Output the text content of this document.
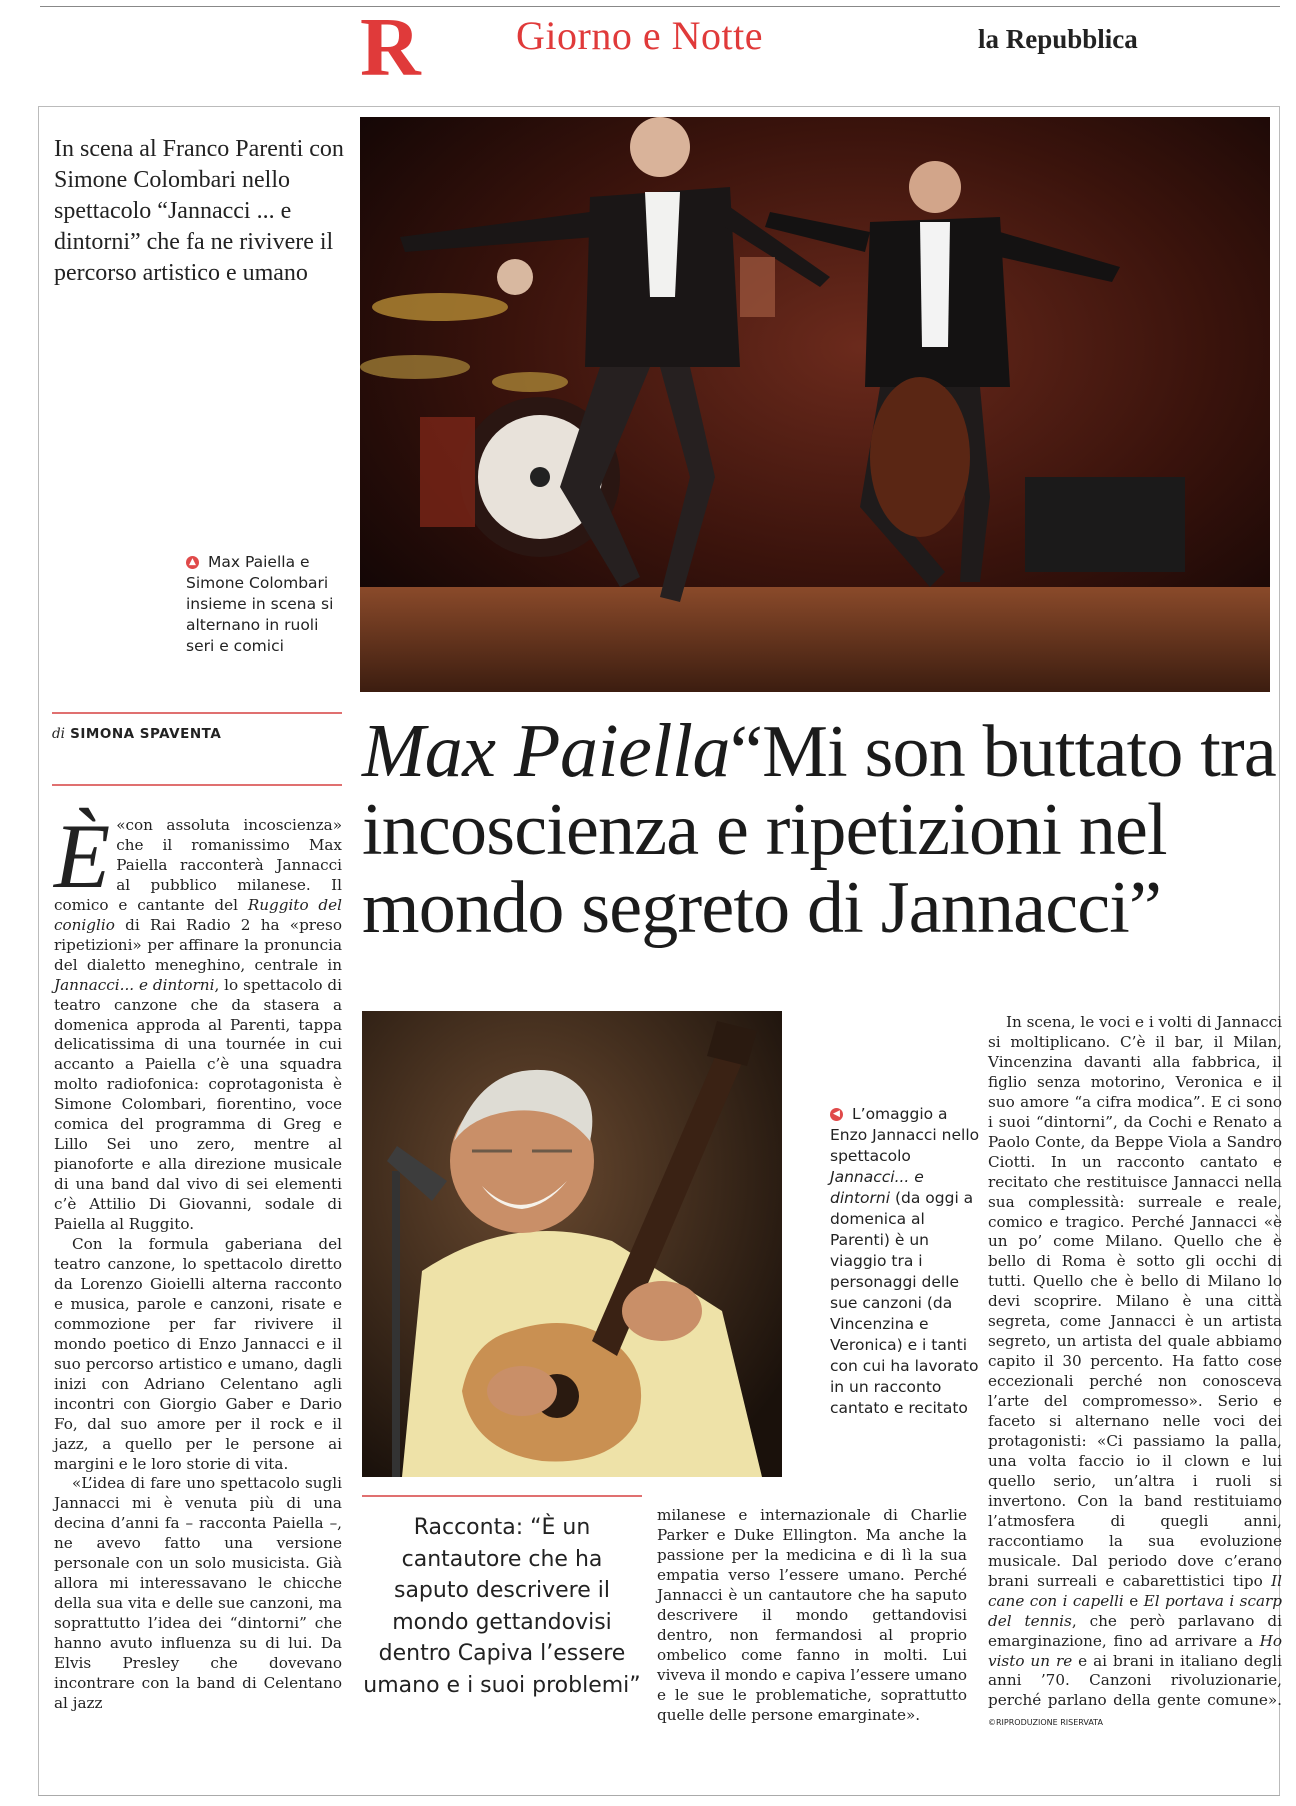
R Giorno e Notte	la Repubblica
In scena al Franco Parenti con Simone Colombari nello spettacolo “Jannacci ... e dintorni” che fa ne rivivere il percorso artistico e umano
▲ Max Paiella e Simone Colombari insieme in scena si alternano in ruoli seri e comici
di SIMONA SPAVENTA Max Paiella“Mi son buttato tra incoscienza e ripetizioni nel mondo segreto di Jannacci”

È «con assoluta incoscienza» che il romanissimo Max Paiella racconterà Jannacci al pubblico milanese. Il comico e cantante del Ruggito del coniglio di Rai Radio 2 ha «preso ripetizioni» per affinare la pronuncia del dialetto meneghino, centrale in Jannacci... e dintorni, lo spettacolo di teatro canzone che da stasera a domenica approda al Parenti, tappa delicatissima di una tournée in cui accanto a Paiella c’è una squadra molto radiofonica: coprotagonista è Simone Colombari, fiorentino, voce comica del programma di Greg e Lillo Sei uno zero, mentre al pianoforte e alla direzione musicale di una band dal vivo di sei elementi c’è Attilio Di Giovanni, sodale di Paiella al Ruggito.

Con la formula gaberiana del teatro canzone, lo spettacolo diretto da Lorenzo Gioielli alterna racconto e musica, parole e canzoni, risate e commozione per far rivivere il mondo poetico di Enzo Jannacci e il suo percorso artistico e umano, dagli inizi con Adriano Celentano agli incontri con Giorgio Gaber e Dario Fo, dal suo amore per il rock e il jazz, a quello per le persone ai margini e le loro storie di vita.

«L’idea di fare uno spettacolo sugli Jannacci mi è venuta più di una decina d’anni fa – racconta Paiella –, ne avevo fatto una versione personale con un solo musicista. Già allora mi interessavano le chicche della sua vita e delle sue canzoni, ma soprattutto l’idea dei “dintorni” che hanno avuto influenza su di lui. Da Elvis Presley che dovevano incontrare con la band di Celentano al jazz

◀ L’omaggio a Enzo Jannacci nello spettacolo Jannacci... e dintorni (da oggi a domenica al Parenti) è un viaggio tra i personaggi delle sue canzoni (da Vincenzina e Veronica) e i tanti con cui ha lavorato in un racconto cantato e recitato
Racconta: “È un cantautore che ha saputo descrivere il mondo gettandovisi dentro Capiva l’essere umano e i suoi problemi”

milanese e internazionale di Charlie Parker e Duke Ellington. Ma anche la passione per la medicina e di lì la sua empatia verso l’essere umano. Perché Jannacci è un cantautore che ha saputo descrivere il mondo gettandovisi dentro, non fermandosi al proprio ombelico come fanno in molti. Lui viveva il mondo e capiva l’essere umano e le sue le problematiche, soprattutto quelle delle persone emarginate».

In scena, le voci e i volti di Jannacci si moltiplicano. C’è il bar, il Milan, Vincenzina davanti alla fabbrica, il figlio senza motorino, Veronica e il suo amore “a cifra modica”. E ci sono i suoi “dintorni”, da Cochi e Renato a Paolo Conte, da Beppe Viola a Sandro Ciotti. In un racconto cantato e recitato che restituisce Jannacci nella sua complessità: surreale e reale, comico e tragico. Perché Jannacci «è un po’ come Milano. Quello che è bello di Roma è sotto gli occhi di tutti. Quello che è bello di Milano lo devi scoprire. Milano è una città segreta, come Jannacci è un artista segreto, un artista del quale abbiamo capito il 30 percento. Ha fatto cose eccezionali perché non conosceva l’arte del compromesso». Serio e faceto si alternano nelle voci dei protagonisti: «Ci passiamo la palla, una volta faccio io il clown e lui quello serio, un’altra i ruoli si invertono. Con la band restituiamo l’atmosfera di quegli anni, raccontiamo la sua evoluzione musicale. Dal periodo dove c’erano brani surreali e cabarettistici tipo Il cane con i capelli e El portava i scarp del tennis, che però parlavano di emarginazione, fino ad arrivare a Ho visto un re e ai brani in italiano degli anni ’70. Canzoni rivoluzionarie, perché parlano della gente comune». ©RIPRODUZIONE RISERVATA
